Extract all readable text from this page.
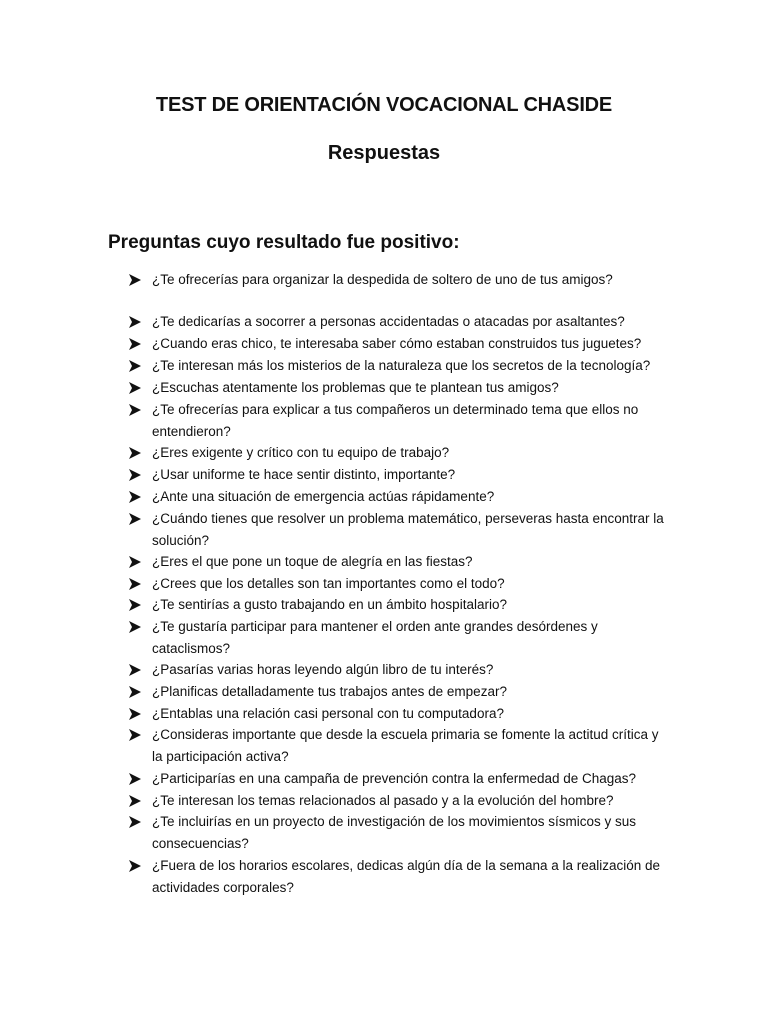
TEST DE ORIENTACIÓN VOCACIONAL CHASIDE
Respuestas
Preguntas cuyo resultado fue positivo:
¿Te ofrecerías para organizar la despedida de soltero de uno de tus amigos?
¿Te dedicarías a socorrer a personas accidentadas o atacadas por asaltantes?
¿Cuando eras chico, te interesaba saber cómo estaban construidos tus juguetes?
¿Te interesan más los misterios de la naturaleza que los secretos de la tecnología?
¿Escuchas atentamente los problemas que te plantean tus amigos?
¿Te ofrecerías para explicar a tus compañeros un determinado tema que ellos no entendieron?
¿Eres exigente y crítico con tu equipo de trabajo?
¿Usar uniforme te hace sentir distinto, importante?
¿Ante una situación de emergencia actúas rápidamente?
¿Cuándo tienes que resolver un problema matemático, perseveras hasta encontrar la solución?
¿Eres el que pone un toque de alegría en las fiestas?
¿Crees que los detalles son tan importantes como el todo?
¿Te sentirías a gusto trabajando en un ámbito hospitalario?
¿Te gustaría participar para mantener el orden ante grandes desórdenes y cataclismos?
¿Pasarías varias horas leyendo algún libro de tu interés?
¿Planificas detalladamente tus trabajos antes de empezar?
¿Entablas una relación casi personal con tu computadora?
¿Consideras importante que desde la escuela primaria se fomente la actitud crítica y la participación activa?
¿Participarías en una campaña de prevención contra la enfermedad de Chagas?
¿Te interesan los temas relacionados al pasado y a la evolución del hombre?
¿Te incluirías en un proyecto de investigación de los movimientos sísmicos y sus consecuencias?
¿Fuera de los horarios escolares, dedicas algún día de la semana a la realización de actividades corporales?
